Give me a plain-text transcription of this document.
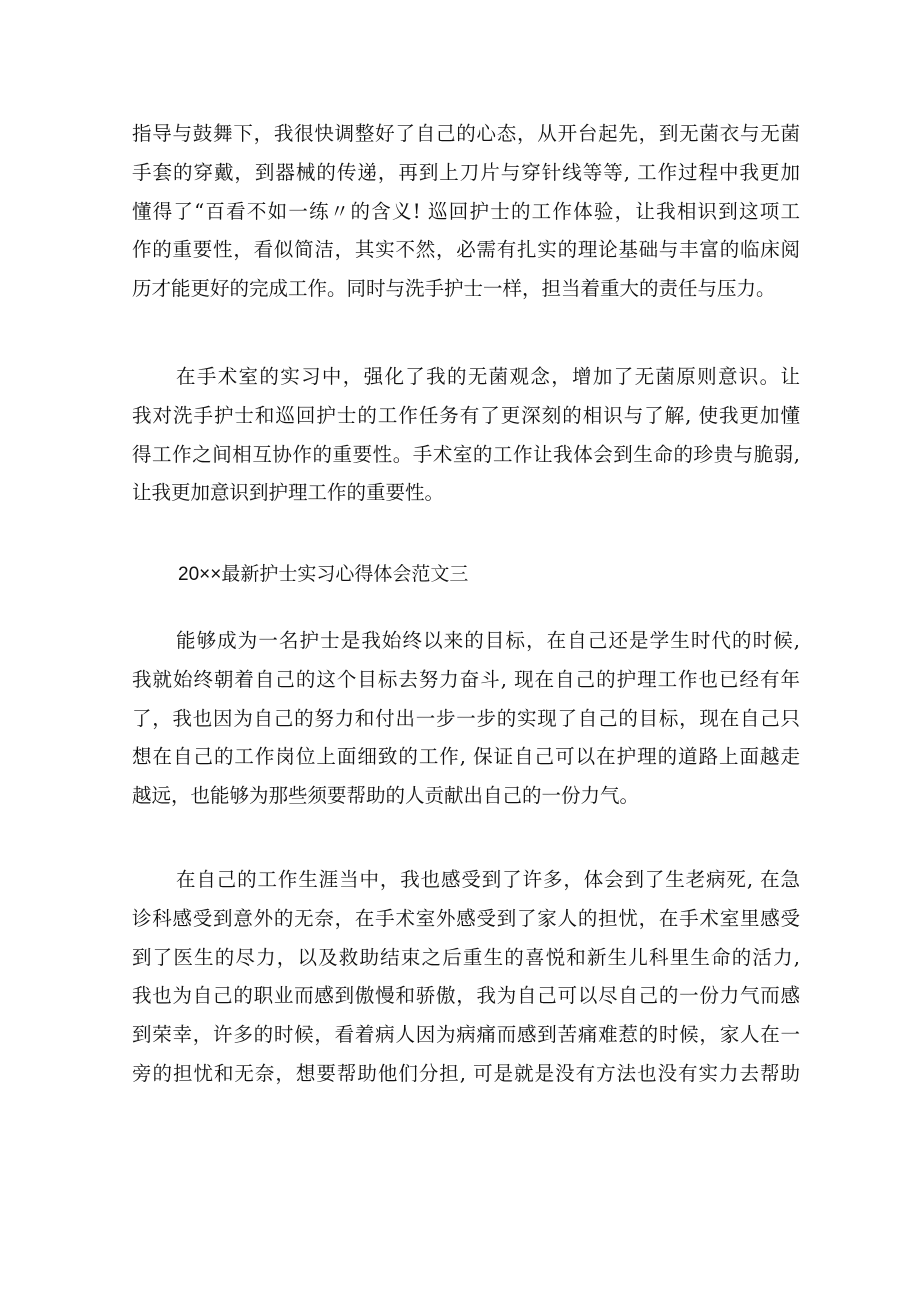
指导与鼓舞下，我很快调整好了自己的心态，从开台起先，到无菌衣与无菌
手套的穿戴，到器械的传递，再到上刀片与穿针线等等, 工作过程中我更加
懂得了“百看不如一练〃的含义! 巡回护士的工作体验，让我相识到这项工
作的重要性，看似简洁，其实不然，必需有扎实的理论基础与丰富的临床阅
历才能更好的完成工作。同时与洗手护士一样，担当着重大的责任与压力。

在手术室的实习中，强化了我的无菌观念，增加了无菌原则意识。让
我对洗手护士和巡回护士的工作任务有了更深刻的相识与了解, 使我更加懂
得工作之间相互协作的重要性。手术室的工作让我体会到生命的珍贵与脆弱,
让我更加意识到护理工作的重要性。

20××最新护士实习心得体会范文三

能够成为一名护士是我始终以来的目标，在自己还是学生时代的时候,
我就始终朝着自己的这个目标去努力奋斗, 现在自己的护理工作也已经有年
了，我也因为自己的努力和付出一步一步的实现了自己的目标，现在自己只
想在自己的工作岗位上面细致的工作, 保证自己可以在护理的道路上面越走
越远，也能够为那些须要帮助的人贡献出自己的一份力气。

在自己的工作生涯当中，我也感受到了许多，体会到了生老病死, 在急
诊科感受到意外的无奈，在手术室外感受到了家人的担忧，在手术室里感受
到了医生的尽力，以及救助结束之后重生的喜悦和新生儿科里生命的活力,
我也为自己的职业而感到傲慢和骄傲，我为自己可以尽自己的一份力气而感
到荣幸，许多的时候，看着病人因为病痛而感到苦痛难惹的时候，家人在一
旁的担忧和无奈，想要帮助他们分担, 可是就是没有方法也没有实力去帮助
